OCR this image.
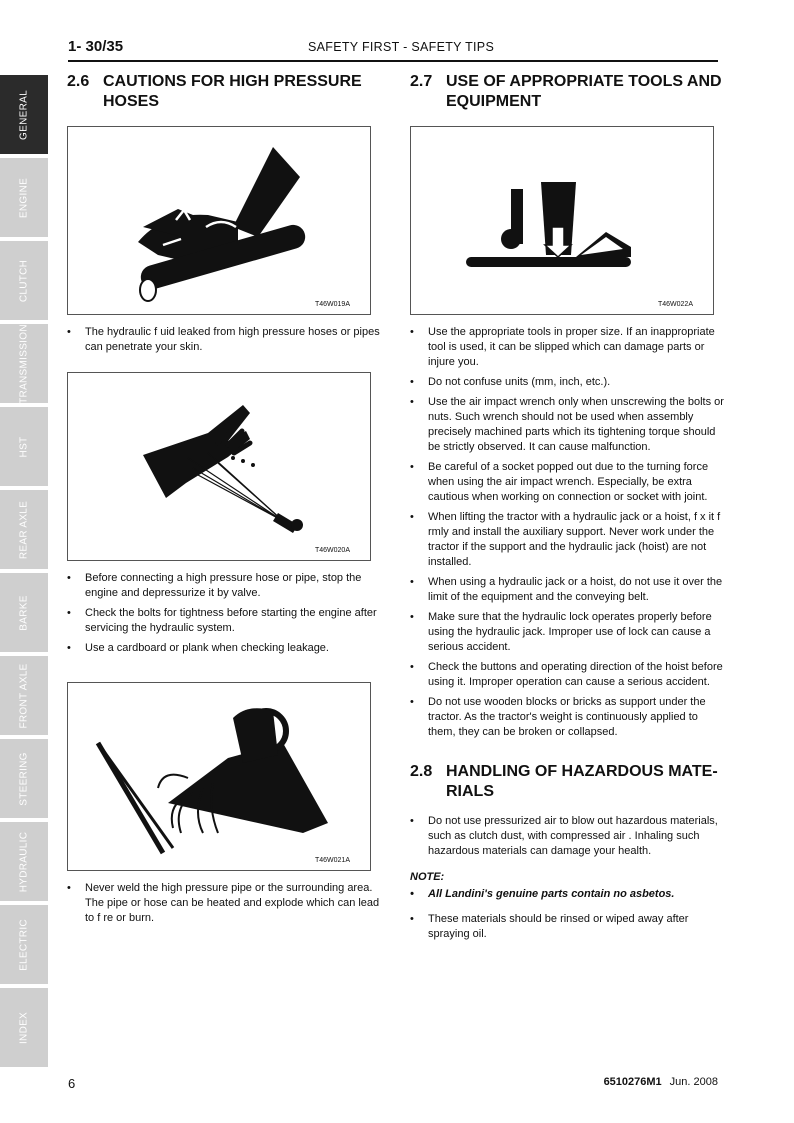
GENERAL
ENGINE
CLUTCH
TRANSMISSION
HST
REAR AXLE
BARKE
FRONT AXLE
STEERING
HYDRAULIC
ELECTRIC
INDEX
1- 30/35	SAFETY FIRST - SAFETY TIPS
2.6 CAUTIONS FOR HIGH PRESSURE HOSES
T46W019A
• The hydraulic f uid leaked from high pressure hoses or pipes can penetrate your skin.
T46W020A
• Before connecting a high pressure hose or pipe, stop the engine and depressurize it by valve.
• Check the bolts for tightness before starting the engine after servicing the hydraulic system.
• Use a cardboard or plank when checking leakage.
T46W021A
• Never weld the high pressure pipe or the surrounding area. The pipe or hose can be heated and explode which can lead to f re or burn.
2.7 USE OF APPROPRIATE TOOLS AND EQUIPMENT
T46W022A
• Use the appropriate tools in proper size. If an inappropriate tool is used, it can be slipped which can damage parts or injure you.
• Do not confuse units (mm, inch, etc.).
• Use the air impact wrench only when unscrewing the bolts or nuts. Such wrench should not be used when assembly precisely machined parts which its tightening torque should be strictly observed. It can cause malfunction.
• Be careful of a socket popped out due to the turning force when using the air impact wrench. Especially, be extra cautious when working on connection or socket with joint.
• When lifting the tractor with a hydraulic jack or a hoist, f x it f rmly and install the auxiliary support. Never work under the tractor if the support and the hydraulic jack (hoist) are not installed.
• When using a hydraulic jack or a hoist, do not use it over the limit of the equipment and the conveying belt.
• Make sure that the hydraulic lock operates properly before using the hydraulic jack. Improper use of lock can cause a serious accident.
• Check the buttons and operating direction of the hoist before using it. Improper operation can cause a serious accident.
• Do not use wooden blocks or bricks as support under the tractor. As the tractor's weight is continuously applied to them, they can be broken or collapsed.
2.8 HANDLING OF HAZARDOUS MATE-
RIALS
• Do not use pressurized air to blow out hazardous materials, such as clutch dust, with compressed air . Inhaling such hazardous materials can damage your health.
NOTE:
• All Landini's genuine parts contain no asbetos.
• These materials should be rinsed or wiped away after spraying oil.
6	6510276M1 Jun. 2008
